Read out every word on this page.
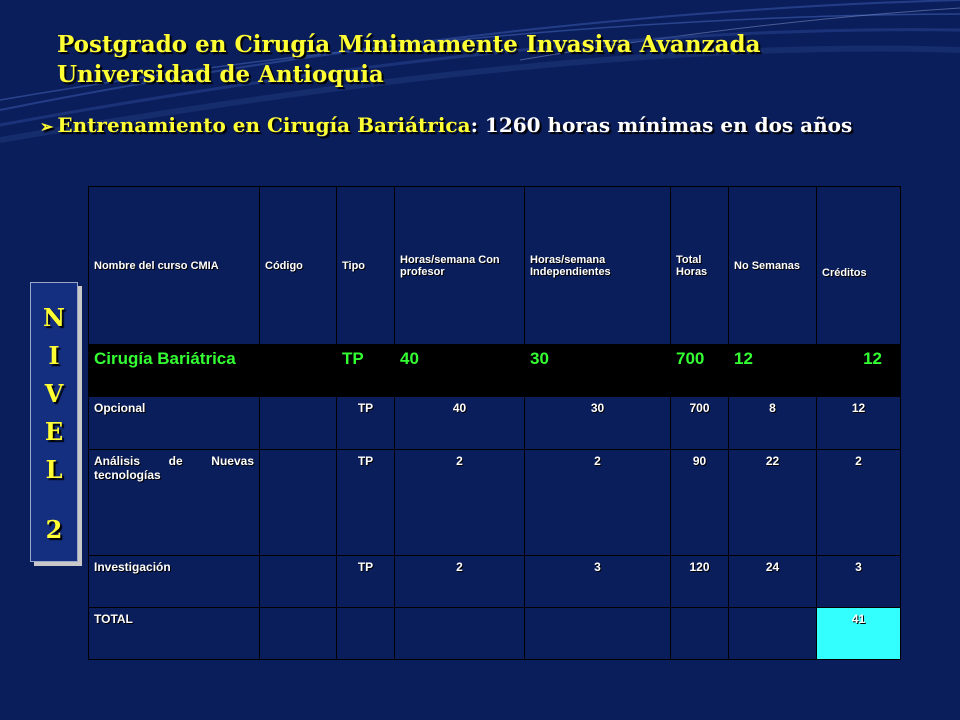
Postgrado en Cirugía Mínimamente Invasiva Avanzada
Universidad de Antioquia
➢ Entrenamiento en Cirugía Bariátrica: 1260 horas mínimas en dos años
N
I
V
E
L
2
Nombre del curso CMIA	Código	Tipo	Horas/semana Con profesor	Horas/semana Independientes	Total Horas	No Semanas	Créditos
Cirugía Bariátrica		TP	40	30	700	12	12
Opcional		TP	40	30	700	8	12
Análisis de Nuevas tecnologías		TP	2	2	90	22	2
Investigación		TP	2	3	120	24	3
TOTAL							41
